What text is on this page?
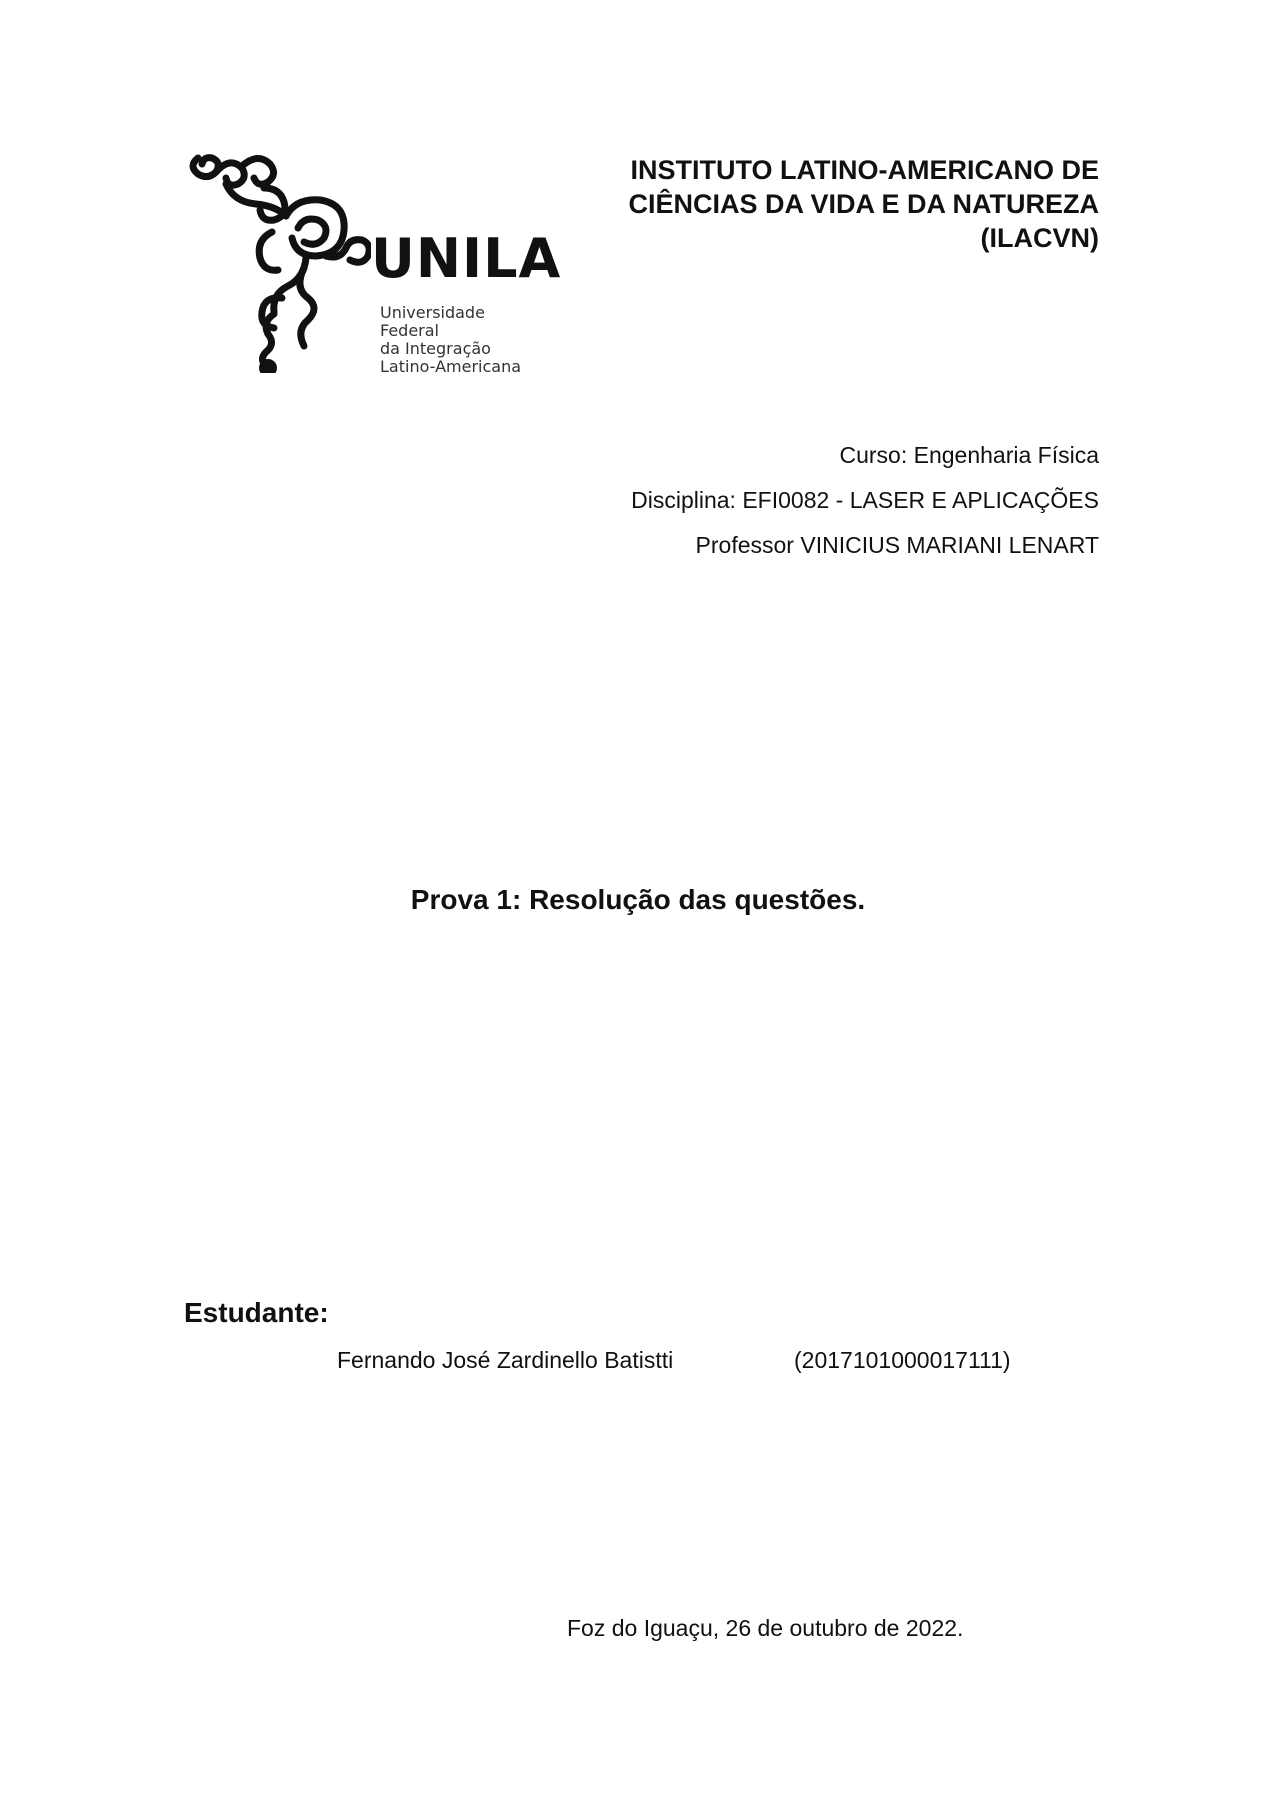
UNILA
Universidade Federal
da Integração
Latino-Americana
INSTITUTO LATINO-AMERICANO DE
CIÊNCIAS DA VIDA E DA NATUREZA
(ILACVN)
Curso: Engenharia Física
Disciplina: EFI0082 - LASER E APLICAÇÕES
Professor VINICIUS MARIANI LENART
Prova 1: Resolução das questões.
Estudante:
Fernando José Zardinello Batistti	(2017101000017111)
Foz do Iguaçu, 26 de outubro de 2022.
